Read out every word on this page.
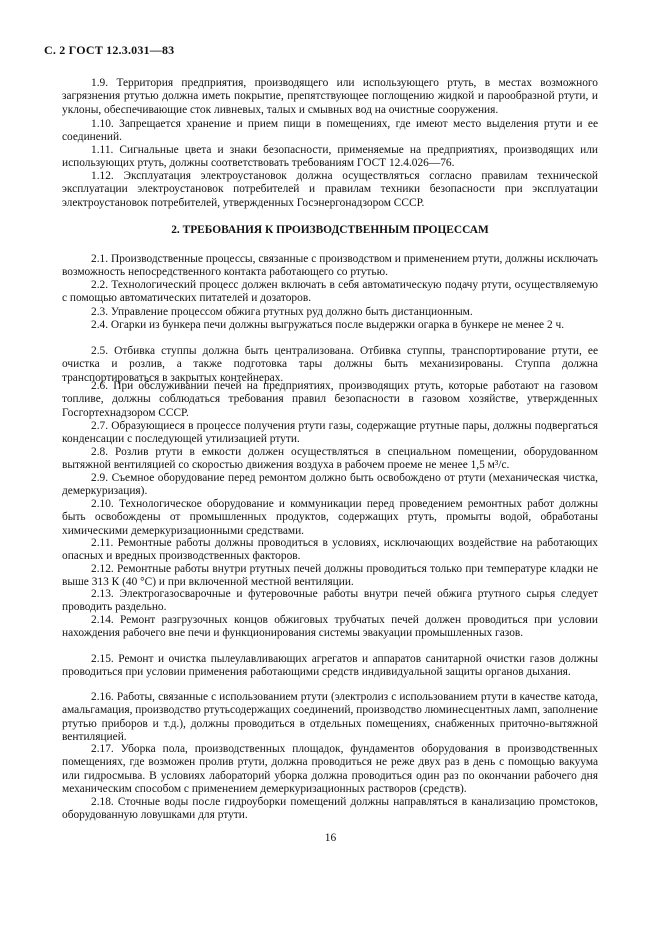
С. 2 ГОСТ 12.3.031—83
1.9. Территория предприятия, производящего или использующего ртуть, в местах возможного загрязнения ртутью должна иметь покрытие, препятствующее поглощению жидкой и парообразной ртути, и уклоны, обеспечивающие сток ливневых, талых и смывных вод на очистные сооружения.
1.10. Запрещается хранение и прием пищи в помещениях, где имеют место выделения ртути и ее соединений.
1.11. Сигнальные цвета и знаки безопасности, применяемые на предприятиях, производящих или использующих ртуть, должны соответствовать требованиям ГОСТ 12.4.026—76.
1.12. Эксплуатация электроустановок должна осуществляться согласно правилам технической эксплуатации электроустановок потребителей и правилам техники безопасности при эксплуатации электроустановок потребителей, утвержденных Госэнергонадзором СССР.
2. ТРЕБОВАНИЯ К ПРОИЗВОДСТВЕННЫМ ПРОЦЕССАМ
2.1. Производственные процессы, связанные с производством и применением ртути, должны исключать возможность непосредственного контакта работающего со ртутью.
2.2. Технологический процесс должен включать в себя автоматическую подачу ртути, осуществляемую с помощью автоматических питателей и дозаторов.
2.3. Управление процессом обжига ртутных руд должно быть дистанционным.
2.4. Огарки из бункера печи должны выгружаться после выдержки огарка в бункере не менее 2 ч.
2.5. Отбивка ступпы должна быть централизована. Отбивка ступпы, транспортирование ртути, ее очистка и розлив, а также подготовка тары должны быть механизированы. Ступпа должна транспортироваться в закрытых контейнерах.
2.6. При обслуживании печей на предприятиях, производящих ртуть, которые работают на газовом топливе, должны соблюдаться требования правил безопасности в газовом хозяйстве, утвержденных Госгортехнадзором СССР.
2.7. Образующиеся в процессе получения ртути газы, содержащие ртутные пары, должны подвергаться конденсации с последующей утилизацией ртути.
2.8. Розлив ртути в емкости должен осуществляться в специальном помещении, оборудованном вытяжной вентиляцией со скоростью движения воздуха в рабочем проеме не менее 1,5 м³/с.
2.9. Съемное оборудование перед ремонтом должно быть освобождено от ртути (механическая чистка, демеркуризация).
2.10. Технологическое оборудование и коммуникации перед проведением ремонтных работ должны быть освобождены от промышленных продуктов, содержащих ртуть, промыты водой, обработаны химическими демеркуризационными средствами.
2.11. Ремонтные работы должны проводиться в условиях, исключающих воздействие на работающих опасных и вредных производственных факторов.
2.12. Ремонтные работы внутри ртутных печей должны проводиться только при температуре кладки не выше 313 К (40 °С) и при включенной местной вентиляции.
2.13. Электрогазосварочные и футеровочные работы внутри печей обжига ртутного сырья следует проводить раздельно.
2.14. Ремонт разгрузочных концов обжиговых трубчатых печей должен проводиться при условии нахождения рабочего вне печи и функционирования системы эвакуации промышленных газов.
2.15. Ремонт и очистка пылеулавливающих агрегатов и аппаратов санитарной очистки газов должны проводиться при условии применения работающими средств индивидуальной защиты органов дыхания.
2.16. Работы, связанные с использованием ртути (электролиз с использованием ртути в качестве катода, амальгамация, производство ртутьсодержащих соединений, производство люминесцентных ламп, заполнение ртутью приборов и т.д.), должны проводиться в отдельных помещениях, снабженных приточно-вытяжной вентиляцией.
2.17. Уборка пола, производственных площадок, фундаментов оборудования в производственных помещениях, где возможен пролив ртути, должна проводиться не реже двух раз в день с помощью вакуума или гидросмыва. В условиях лабораторий уборка должна проводиться один раз по окончании рабочего дня механическим способом с применением демеркуризационных растворов (средств).
2.18. Сточные воды после гидроуборки помещений должны направляться в канализацию промстоков, оборудованную ловушками для ртути.
16
